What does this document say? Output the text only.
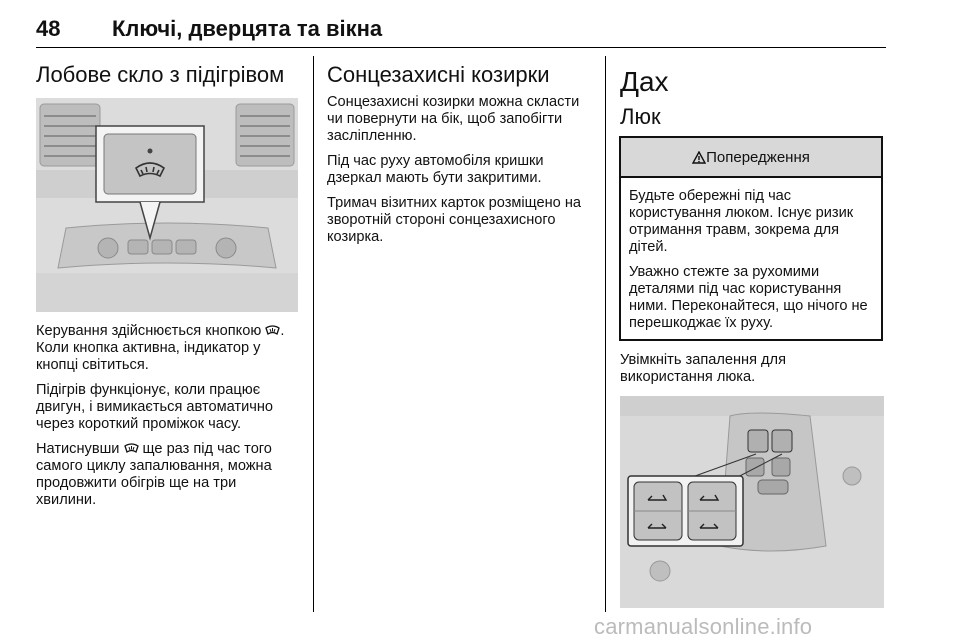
48 Ключі, дверцята та вікна
Лобове скло з підігрівом

Керування здійснюється кнопкою . Коли кнопка активна, індикатор у кнопці світиться.

Підігрів функціонує, коли працює двигун, і вимикається автоматично через короткий проміжок часу.

Натиснувши  ще раз під час того самого циклу запалювання, можна продовжити обігрів ще на три хвилини.

Сонцезахисні козирки

Сонцезахисні козирки можна скласти чи повернути на бік, щоб запобігти засліпленню.

Під час руху автомобіля кришки дзеркал мають бути закритими.

Тримач візитних карток розміщено на зворотній стороні сонцезахисного козирка.

Дах
Люк
Попередження

Будьте обережні під час користування люком. Існує ризик отримання травм, зокрема для дітей.

Уважно стежте за рухомими деталями під час користування ними. Переконайтеся, що нічого не перешкоджає їх руху.

Увімкніть запалення для використання люка.

carmanualsonline.info
